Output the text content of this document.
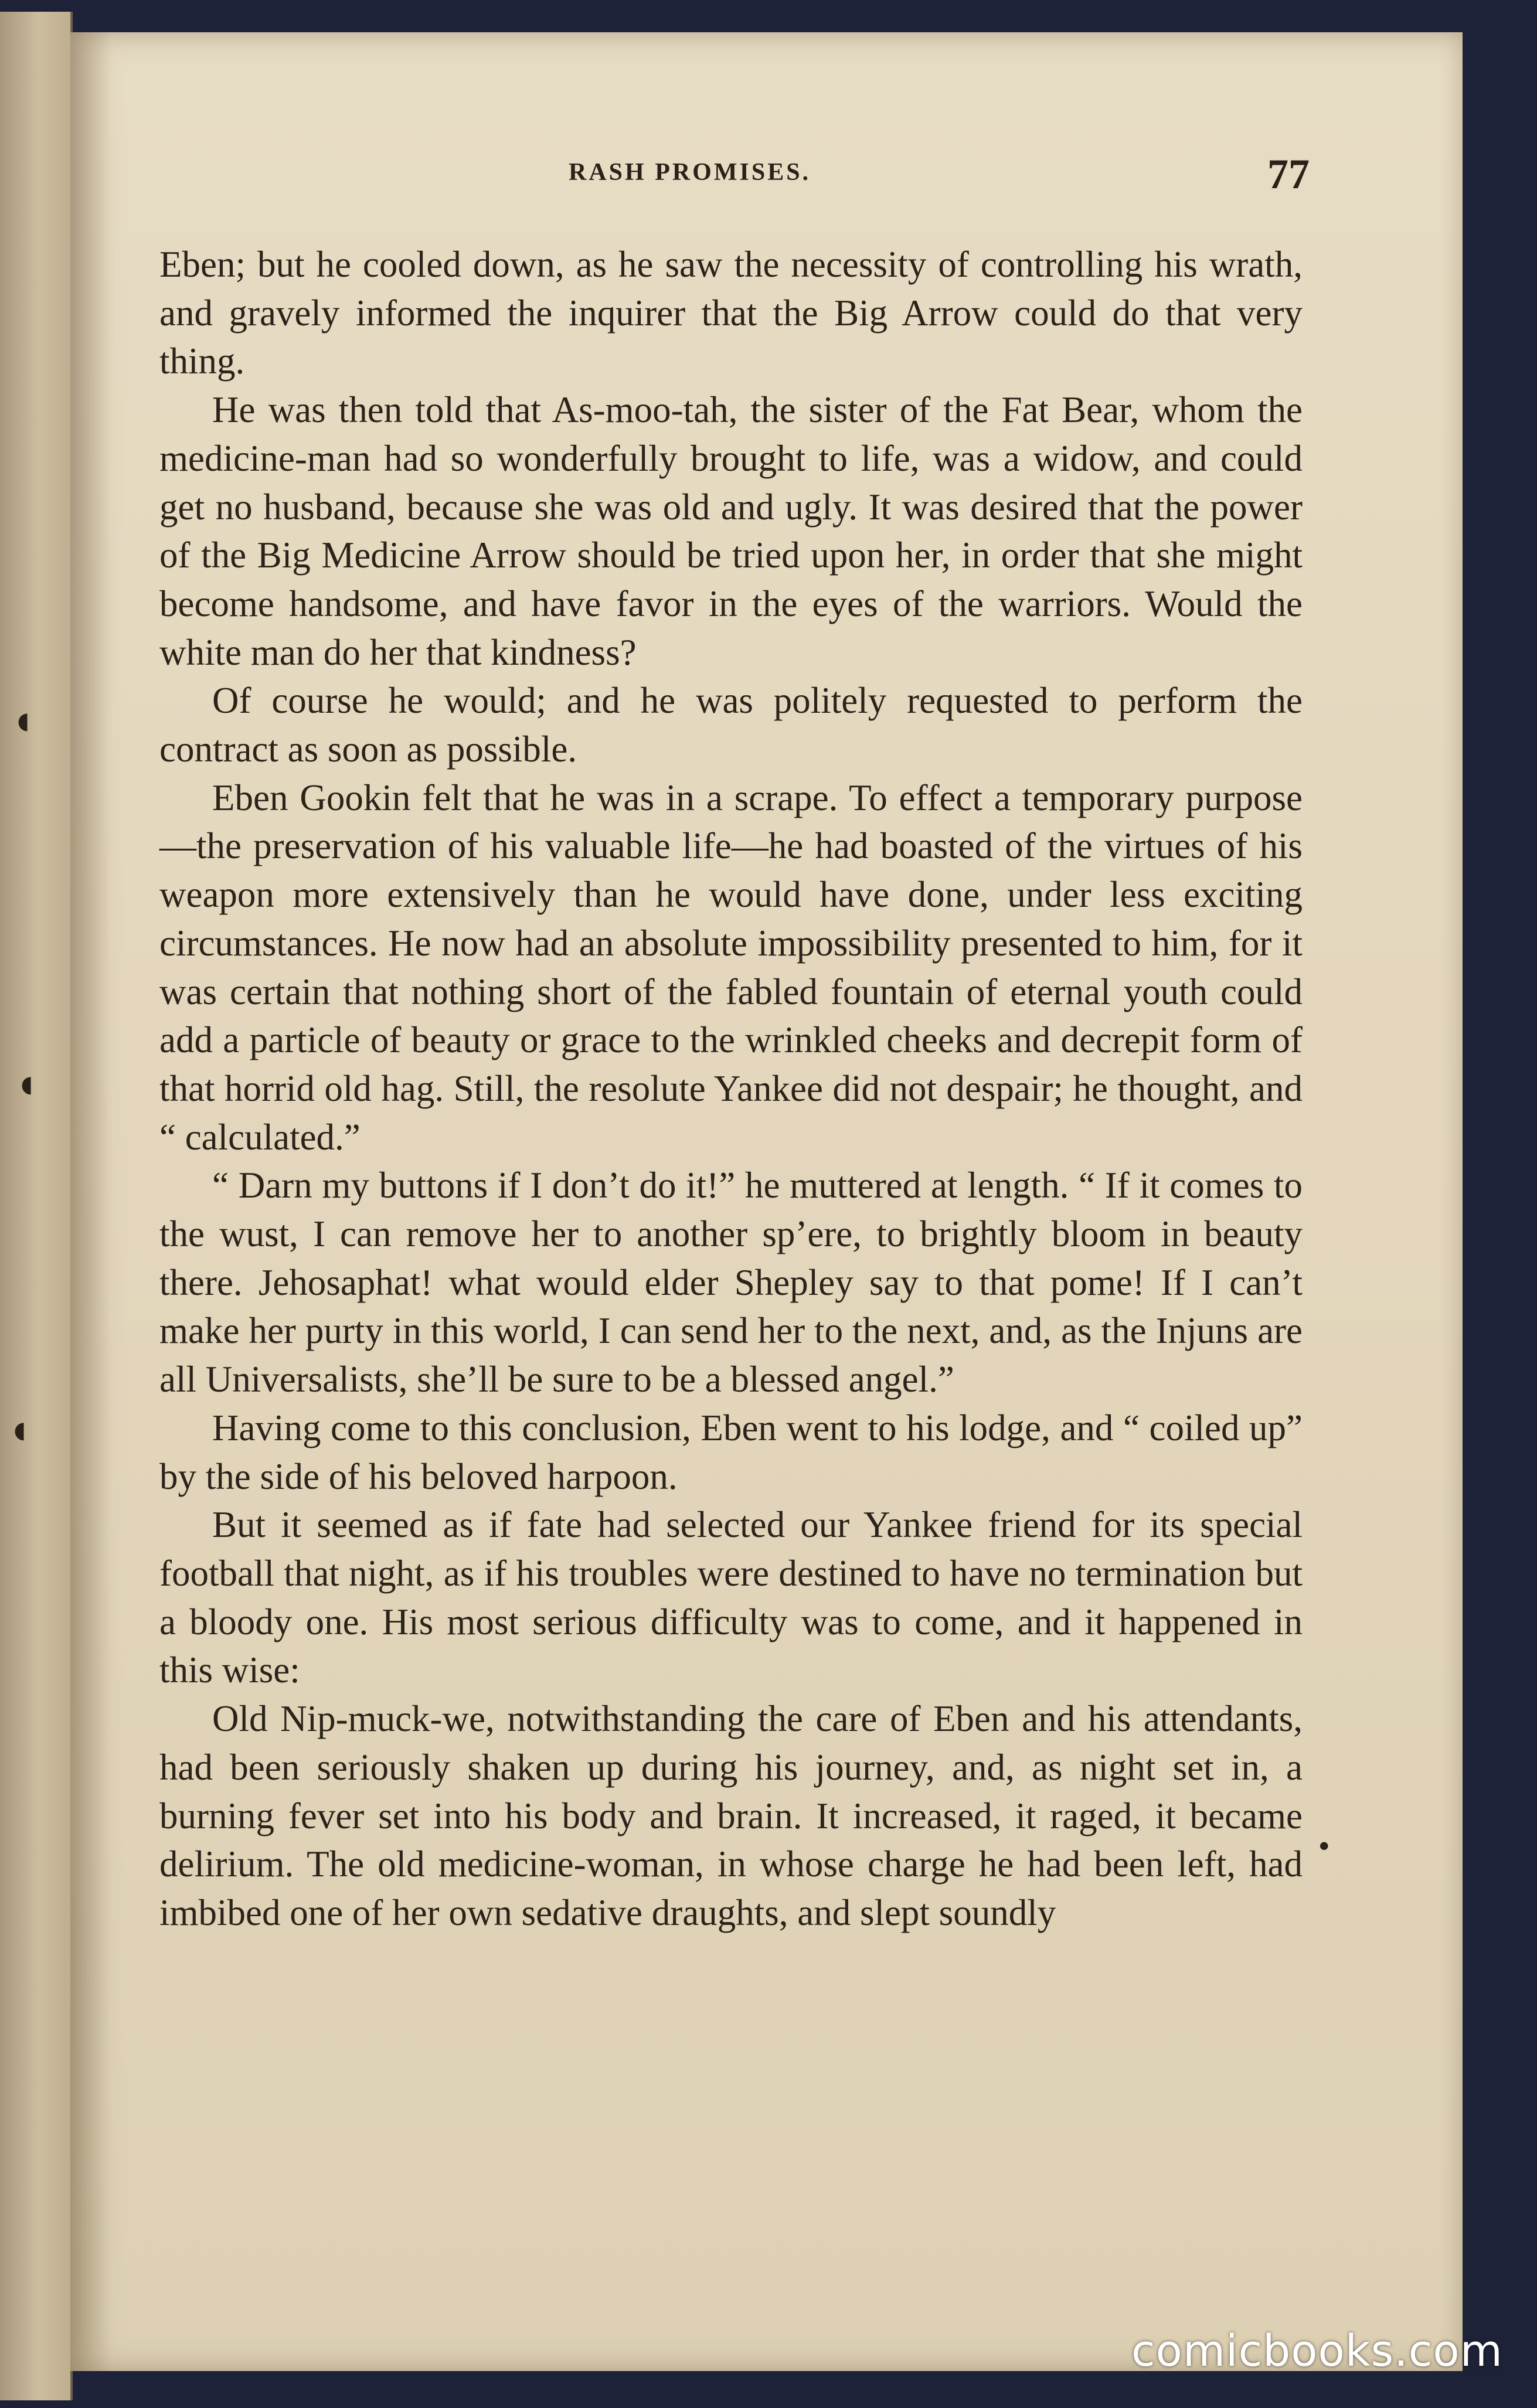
RASH PROMISES.	77

Eben; but he cooled down, as he saw the necessity of controlling his wrath, and gravely informed the inquirer that the Big Arrow could do that very thing.

He was then told that As-moo-tah, the sister of the Fat Bear, whom the medicine-man had so wonderfully brought to life, was a widow, and could get no husband, because she was old and ugly. It was desired that the power of the Big Medicine Arrow should be tried upon her, in order that she might become handsome, and have favor in the eyes of the warriors. Would the white man do her that kindness?

Of course he would; and he was politely requested to perform the contract as soon as possible.

Eben Gookin felt that he was in a scrape. To effect a temporary purpose—the preservation of his valuable life—he had boasted of the virtues of his weapon more extensively than he would have done, under less exciting circumstances. He now had an absolute impossibility presented to him, for it was certain that nothing short of the fabled fountain of eternal youth could add a particle of beauty or grace to the wrinkled cheeks and decrepit form of that horrid old hag. Still, the resolute Yankee did not despair; he thought, and “ calculated.”

“ Darn my buttons if I don’t do it!” he muttered at length. “ If it comes to the wust, I can remove her to another sp’ere, to brightly bloom in beauty there. Jehosaphat! what would elder Shepley say to that pome! If I can’t make her purty in this world, I can send her to the next, and, as the Injuns are all Universalists, she’ll be sure to be a blessed angel.”

Having come to this conclusion, Eben went to his lodge, and “ coiled up” by the side of his beloved harpoon.

But it seemed as if fate had selected our Yankee friend for its special football that night, as if his troubles were destined to have no termination but a bloody one. His most serious difficulty was to come, and it happened in this wise:

Old Nip-muck-we, notwithstanding the care of Eben and his attendants, had been seriously shaken up during his journey, and, as night set in, a burning fever set into his body and brain. It increased, it raged, it became delirium. The old medicine-woman, in whose charge he had been left, had imbibed one of her own sedative draughts, and slept soundly

◖
◖
◖
•
comicbooks.com
